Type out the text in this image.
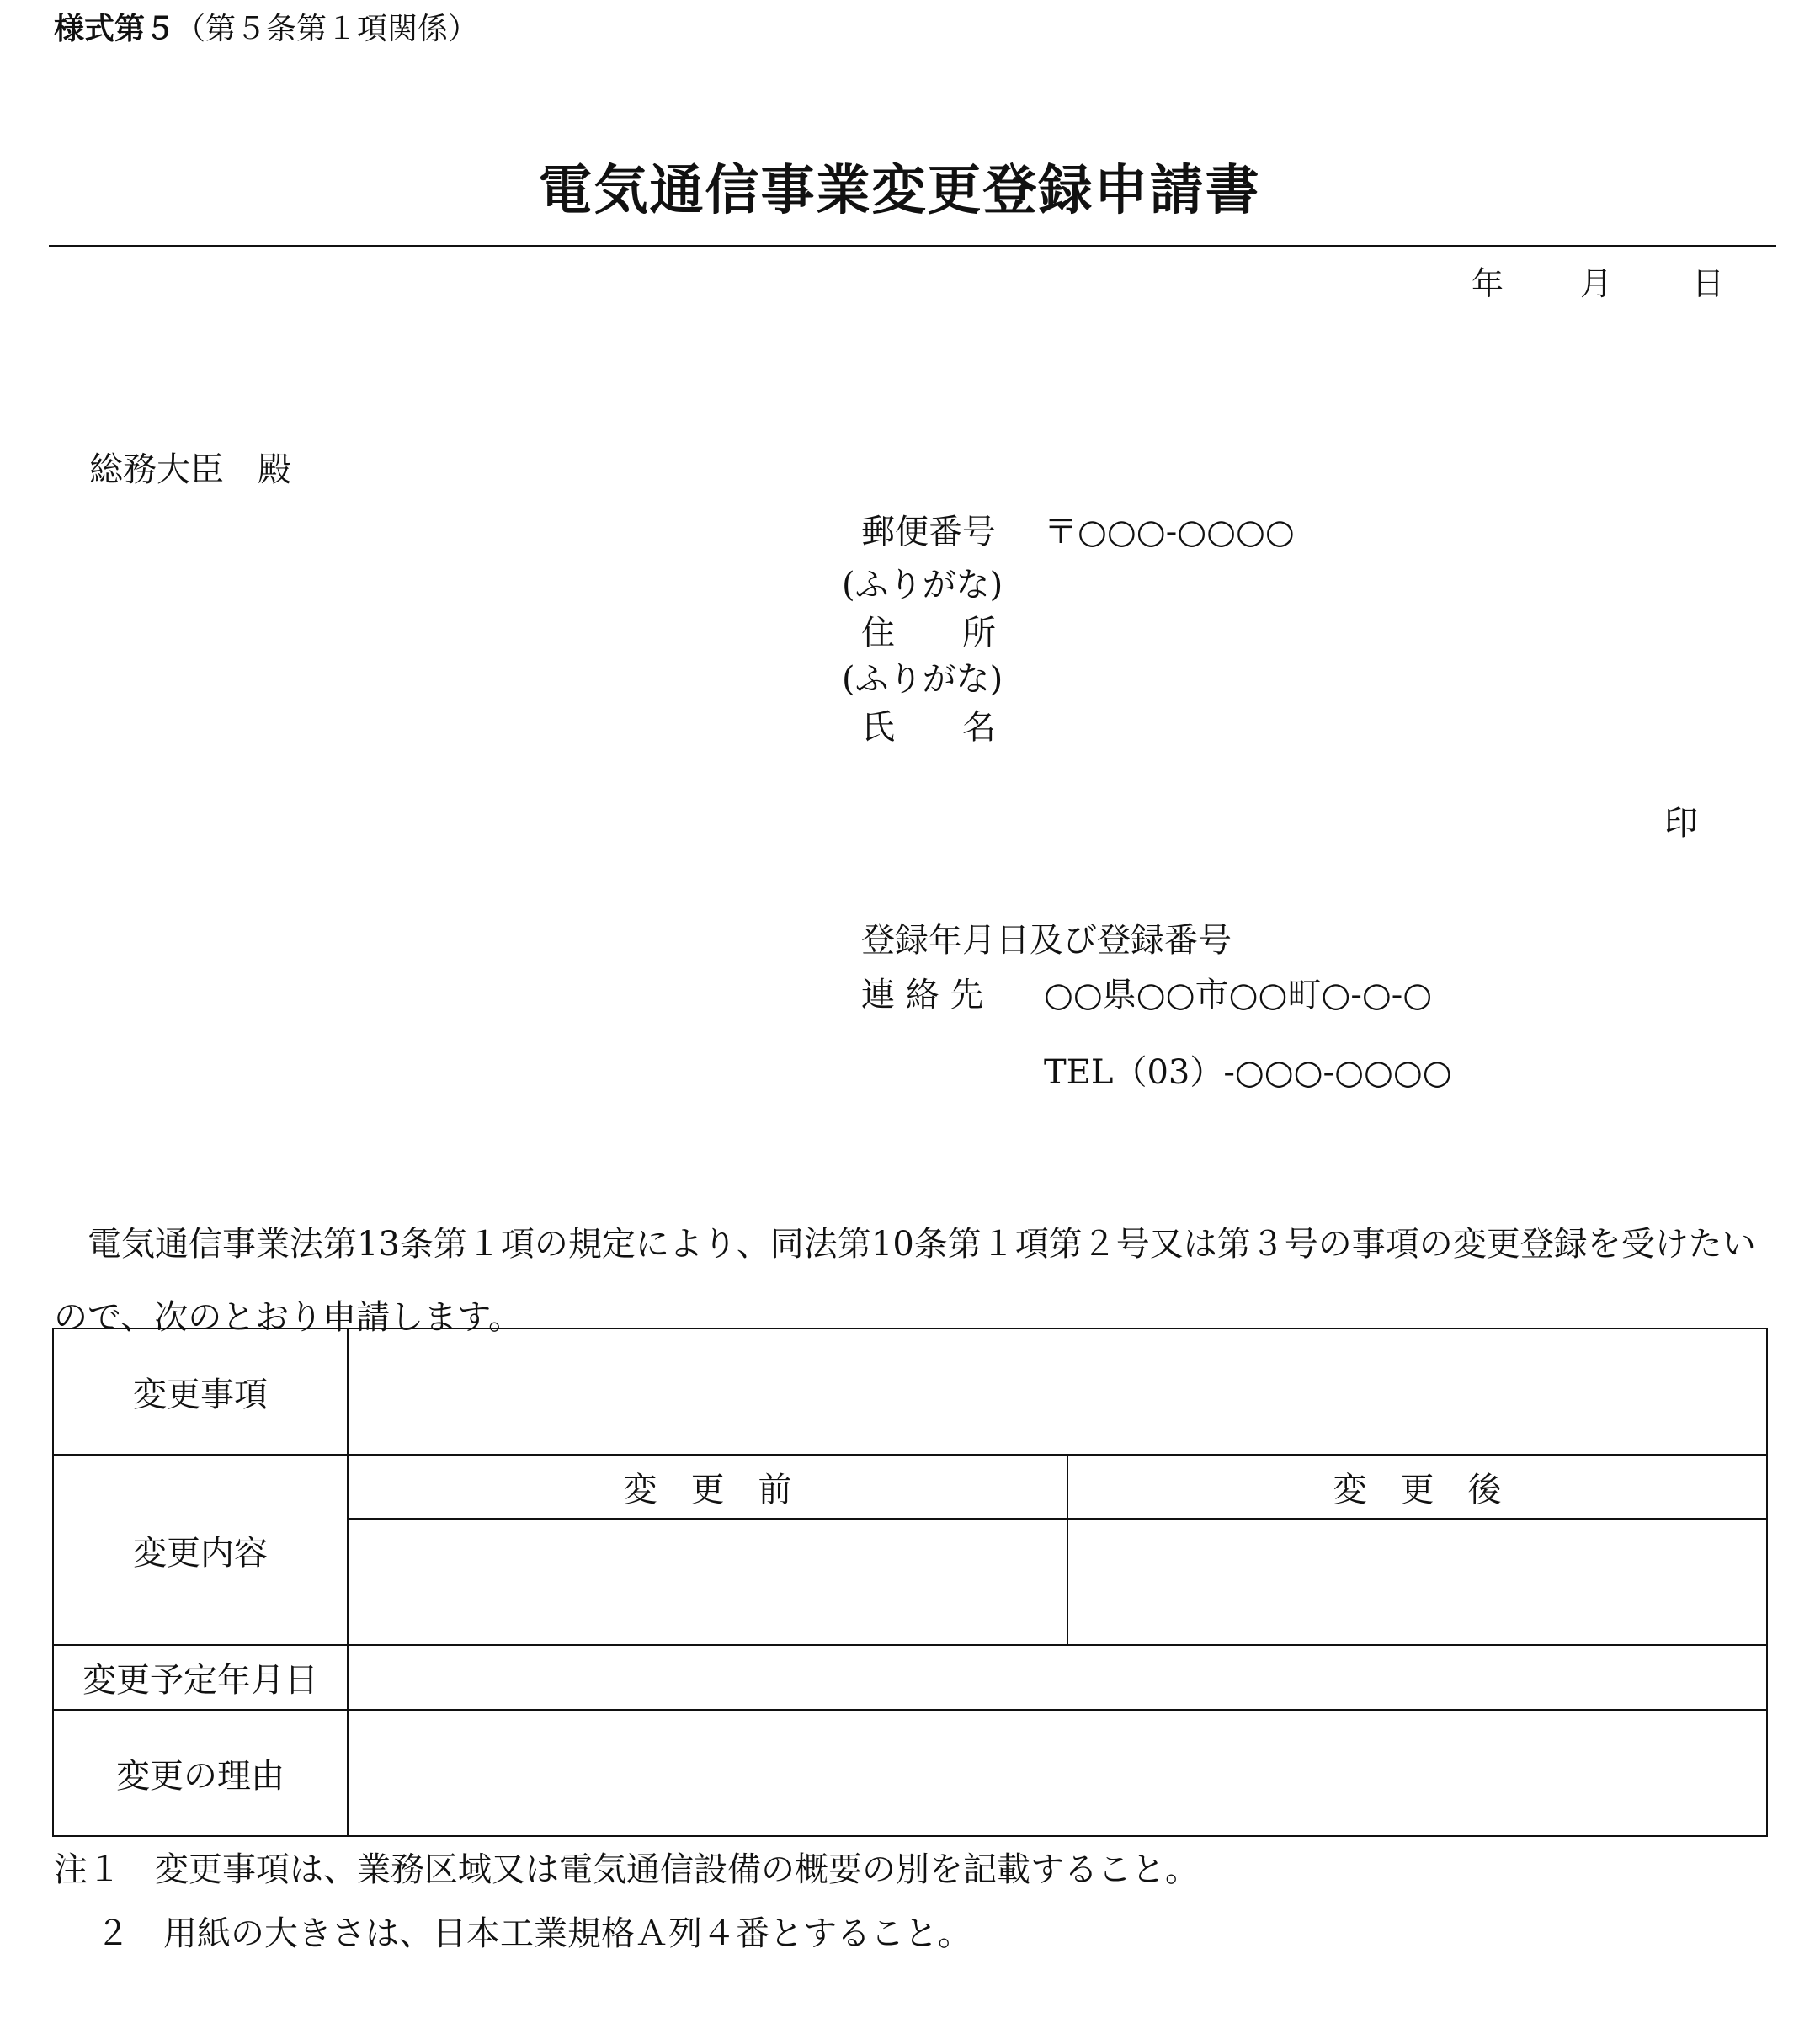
様式第５（第５条第１項関係）
電気通信事業変更登録申請書
年 月 日
総務大臣　殿
郵便番号 〒○○○-○○○○
(ふりがな)
住　　所
(ふりがな)
氏　　名
印
登録年月日及び登録番号
連 絡 先 ○○県○○市○○町○-○-○
TEL（03）-○○○-○○○○
電気通信事業法第13条第１項の規定により、同法第10条第１項第２号又は第３号の事項の変更登録を受けたいので、次のとおり申請します。
変更事項		
変更内容	変　更　前	変　更　後

変更予定年月日		
変更の理由		
注１　変更事項は、業務区域又は電気通信設備の概要の別を記載すること。
２　用紙の大きさは、日本工業規格Ａ列４番とすること。
